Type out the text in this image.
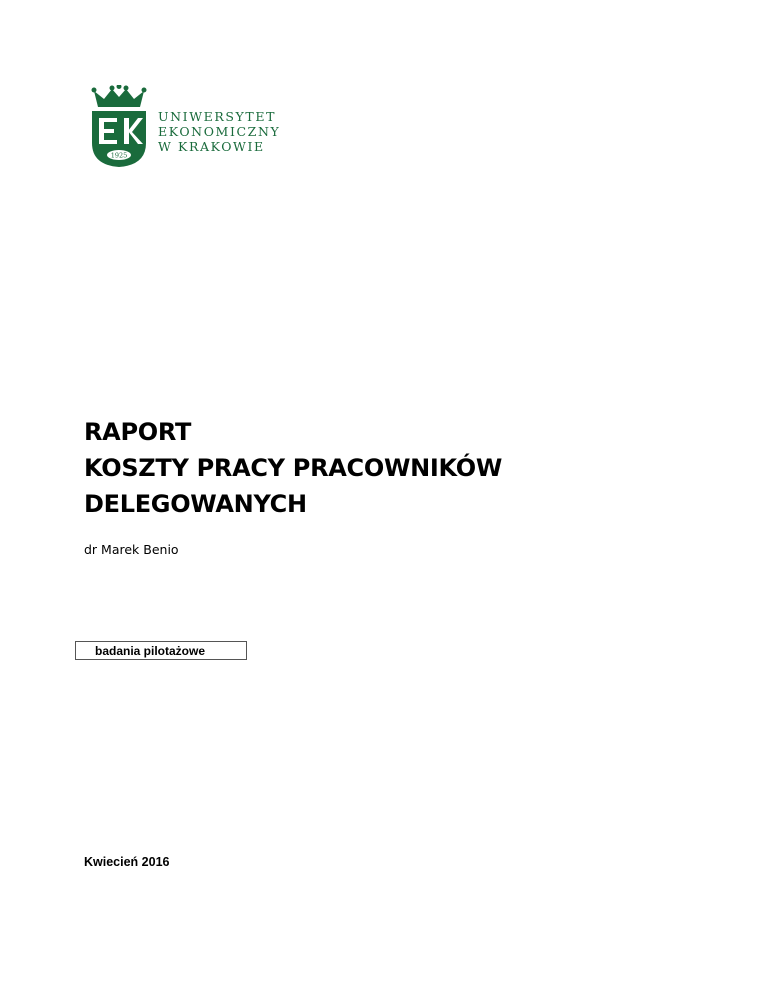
1925
UNIWERSYTET
EKONOMICZNY
W KRAKOWIE
RAPORT
KOSZTY PRACY PRACOWNIKÓW
DELEGOWANYCH
dr Marek Benio
badania pilotażowe
Kwiecień 2016
